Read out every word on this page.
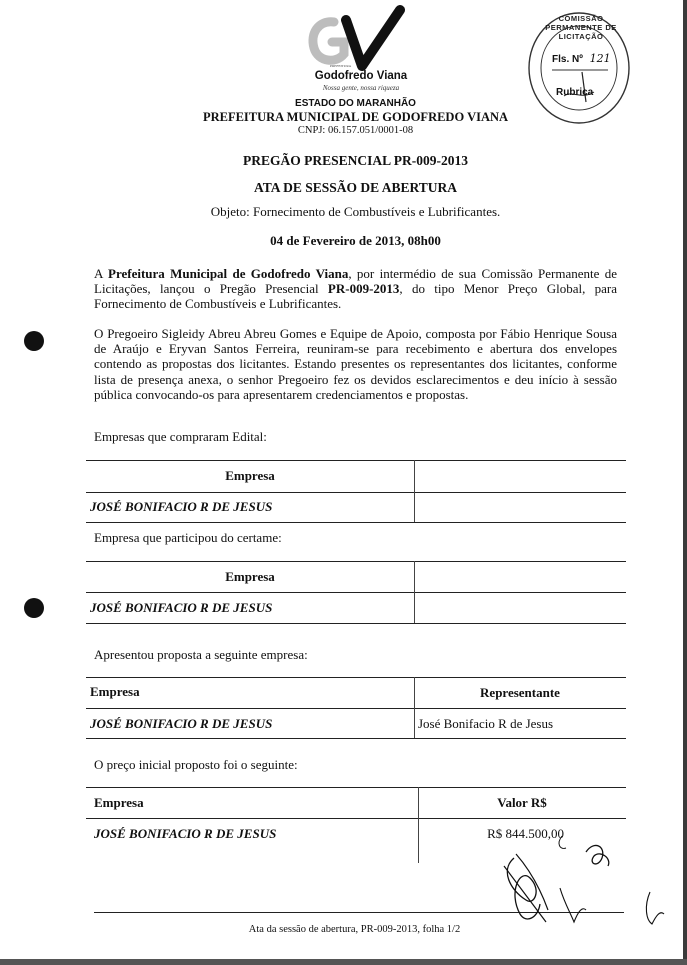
PREFEITURA
Godofredo Viana
Nossa gente, nossa riqueza
ESTADO DO MARANHÃO
PREFEITURA MUNICIPAL DE GODOFREDO VIANA
CNPJ: 06.157.051/0001-08
COMISSÃO PERMANENTE DE LICITAÇÃO
Fls. Nº 121
Rubrica
PREGÃO PRESENCIAL PR-009-2013
ATA DE SESSÃO DE ABERTURA
Objeto: Fornecimento de Combustíveis e Lubrificantes.
04 de Fevereiro de 2013, 08h00
A Prefeitura Municipal de Godofredo Viana, por intermédio de sua Comissão Permanente de Licitações, lançou o Pregão Presencial PR-009-2013, do tipo Menor Preço Global, para Fornecimento de Combustíveis e Lubrificantes.
O Pregoeiro Sigleidy Abreu Abreu Gomes e Equipe de Apoio, composta por Fábio Henrique Sousa de Araújo e Eryvan Santos Ferreira, reuniram-se para recebimento e abertura dos envelopes contendo as propostas dos licitantes. Estando presentes os representantes dos licitantes, conforme lista de presença anexa, o senhor Pregoeiro fez os devidos esclarecimentos e deu início à sessão pública convocando-os para apresentarem credenciamentos e propostas.
Empresas que compraram Edital:
Empresa
JOSÉ BONIFACIO R DE JESUS
Empresa que participou do certame:
Empresa
JOSÉ BONIFACIO R DE JESUS
Apresentou proposta a seguinte empresa:
Empresa	Representante
JOSÉ BONIFACIO R DE JESUS	José Bonifacio R de Jesus
O preço inicial proposto foi o seguinte:
Empresa	Valor R$
JOSÉ BONIFACIO R DE JESUS	R$ 844.500,00
Ata da sessão de abertura, PR-009-2013, folha 1/2
